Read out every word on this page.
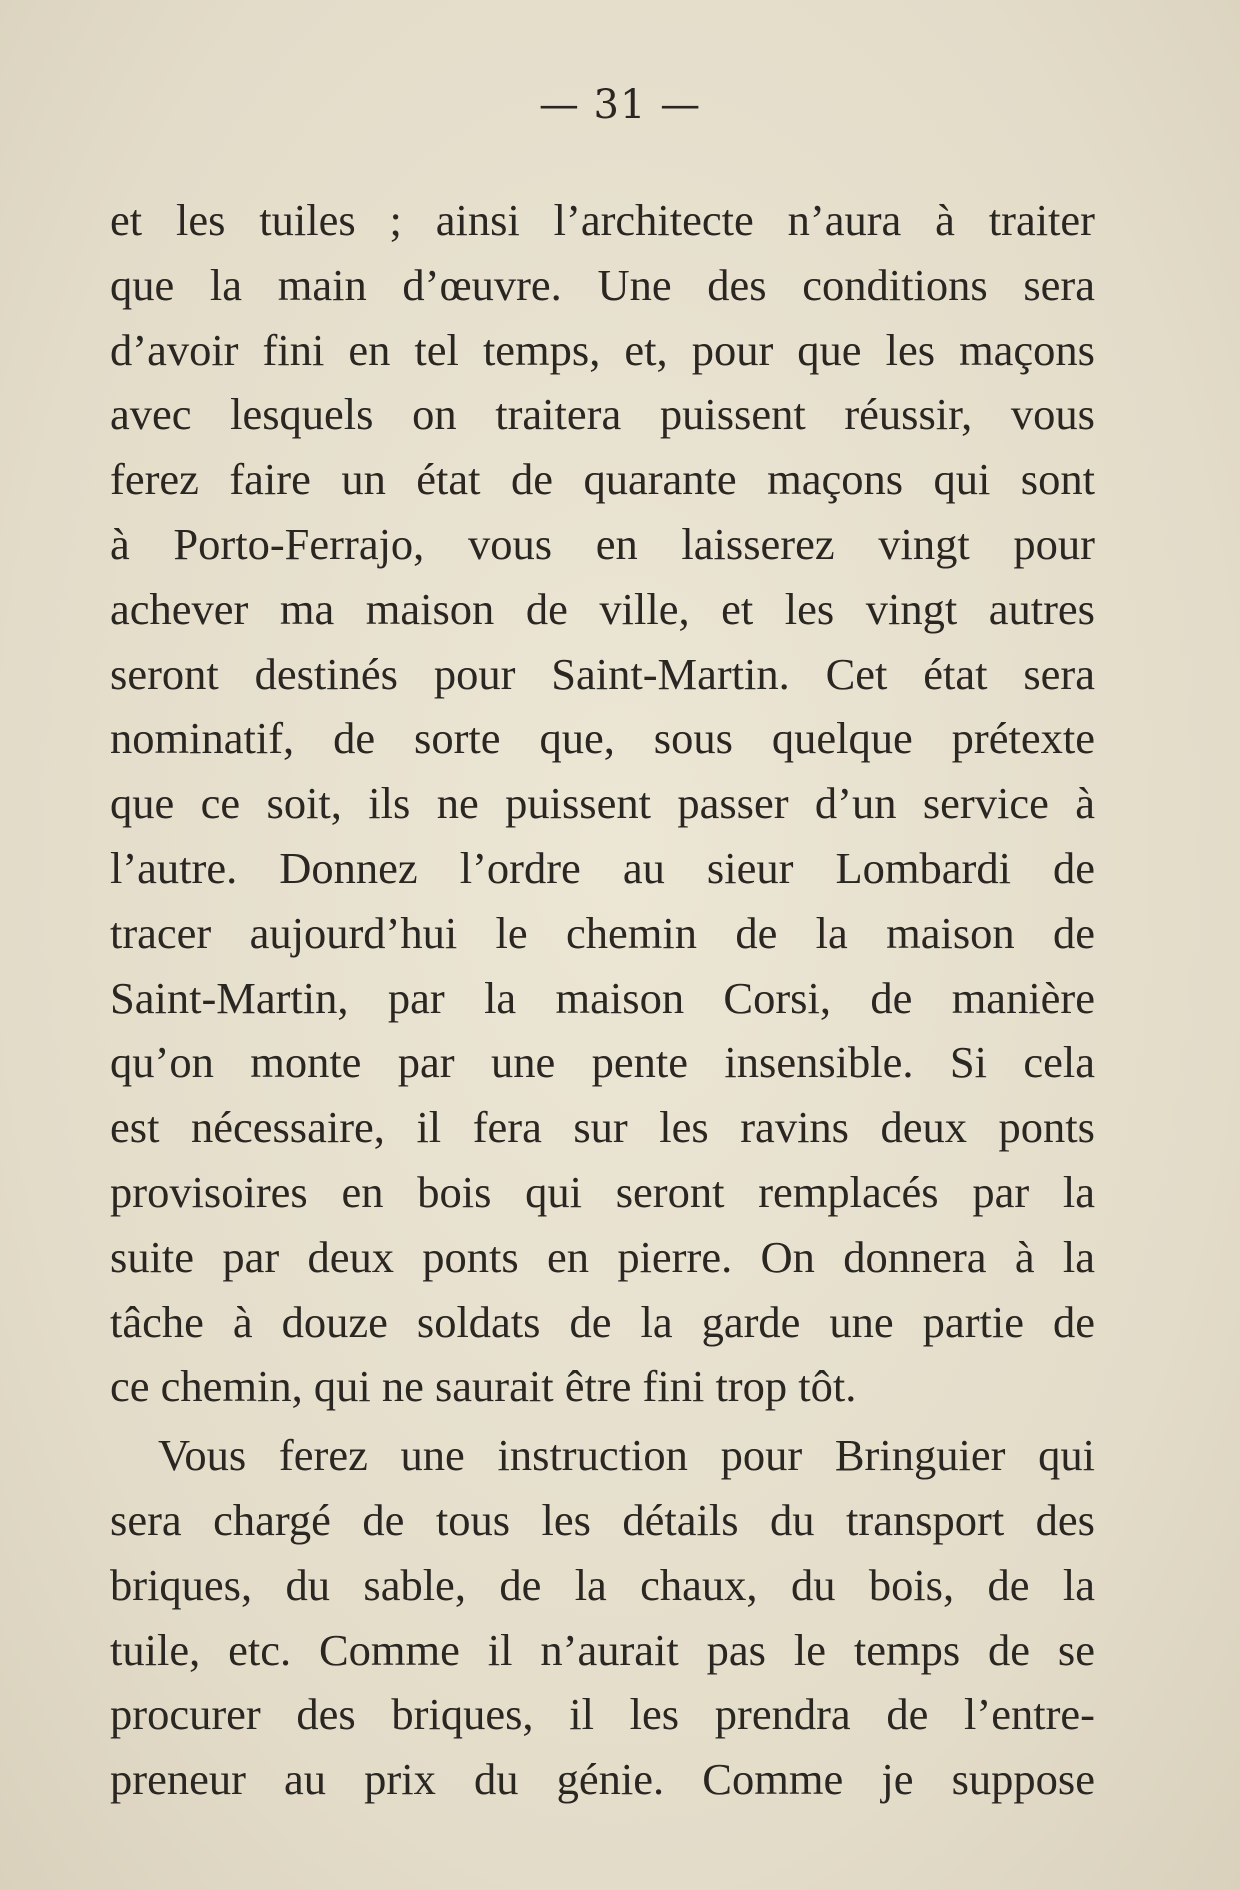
— 31 —
et les tuiles ; ainsi l’architecte n’aura à traiter
que la main d’œuvre. Une des conditions sera
d’avoir fini en tel temps, et, pour que les maçons
avec lesquels on traitera puissent réussir, vous
ferez faire un état de quarante maçons qui sont
à Porto-Ferrajo, vous en laisserez vingt pour
achever ma maison de ville, et les vingt autres
seront destinés pour Saint-Martin. Cet état sera
nominatif, de sorte que, sous quelque prétexte
que ce soit, ils ne puissent passer d’un service à
l’autre. Donnez l’ordre au sieur Lombardi de
tracer aujourd’hui le chemin de la maison de
Saint-Martin, par la maison Corsi, de manière
qu’on monte par une pente insensible. Si cela
est nécessaire, il fera sur les ravins deux ponts
provisoires en bois qui seront remplacés par la
suite par deux ponts en pierre. On donnera à la
tâche à douze soldats de la garde une partie de
ce chemin, qui ne saurait être fini trop tôt.
Vous ferez une instruction pour Bringuier qui
sera chargé de tous les détails du transport des
briques, du sable, de la chaux, du bois, de la
tuile, etc. Comme il n’aurait pas le temps de se
procurer des briques, il les prendra de l’entre-
preneur au prix du génie. Comme je suppose
